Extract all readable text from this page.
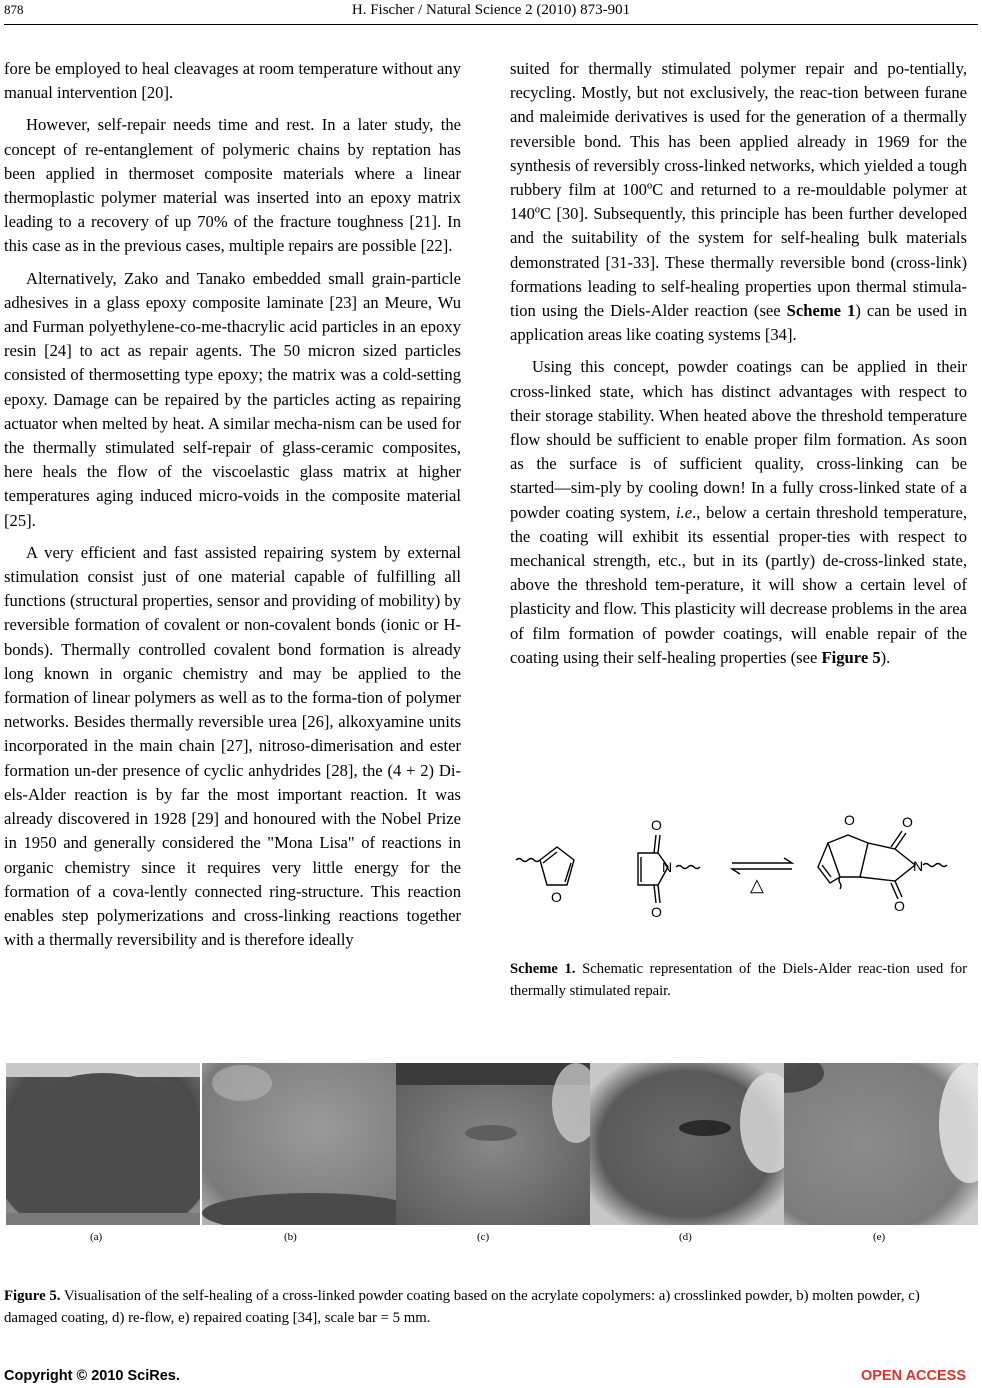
878	H. Fischer / Natural Science 2 (2010) 873-901

fore be employed to heal cleavages at room temperature without any manual intervention [20].

However, self-repair needs time and rest. In a later study, the concept of re-entanglement of polymeric chains by reptation has been applied in thermoset composite materials where a linear thermoplastic polymer material was inserted into an epoxy matrix leading to a recovery of up 70% of the fracture toughness [21]. In this case as in the previous cases, multiple repairs are possible [22].

Alternatively, Zako and Tanako embedded small grain-particle adhesives in a glass epoxy composite laminate [23] an Meure, Wu and Furman polyethylene-co-me-thacrylic acid particles in an epoxy resin [24] to act as repair agents. The 50 micron sized particles consisted of thermosetting type epoxy; the matrix was a cold-setting epoxy. Damage can be repaired by the particles acting as repairing actuator when melted by heat. A similar mecha-nism can be used for the thermally stimulated self-repair of glass-ceramic composites, here heals the flow of the viscoelastic glass matrix at higher temperatures aging induced micro-voids in the composite material [25].

A very efficient and fast assisted repairing system by external stimulation consist just of one material capable of fulfilling all functions (structural properties, sensor and providing of mobility) by reversible formation of covalent or non-covalent bonds (ionic or H-bonds). Thermally controlled covalent bond formation is already long known in organic chemistry and may be applied to the formation of linear polymers as well as to the forma-tion of polymer networks. Besides thermally reversible urea [26], alkoxyamine units incorporated in the main chain [27], nitroso-dimerisation and ester formation un-der presence of cyclic anhydrides [28], the (4 + 2) Di-els-Alder reaction is by far the most important reaction. It was already discovered in 1928 [29] and honoured with the Nobel Prize in 1950 and generally considered the "Mona Lisa" of reactions in organic chemistry since it requires very little energy for the formation of a cova-lently connected ring-structure. This reaction enables step polymerizations and cross-linking reactions together with a thermally reversibility and is therefore ideally

suited for thermally stimulated polymer repair and po-tentially, recycling. Mostly, but not exclusively, the reac-tion between furane and maleimide derivatives is used for the generation of a thermally reversible bond. This has been applied already in 1969 for the synthesis of reversibly cross-linked networks, which yielded a tough rubbery film at 100ºC and returned to a re-mouldable polymer at 140ºC [30]. Subsequently, this principle has been further developed and the suitability of the system for self-healing bulk materials demonstrated [31-33]. These thermally reversible bond (cross-link) formations leading to self-healing properties upon thermal stimula-tion using the Diels-Alder reaction (see Scheme 1) can be used in application areas like coating systems [34].

Using this concept, powder coatings can be applied in their cross-linked state, which has distinct advantages with respect to their storage stability. When heated above the threshold temperature flow should be sufficient to enable proper film formation. As soon as the surface is of sufficient quality, cross-linking can be started―sim-ply by cooling down! In a fully cross-linked state of a powder coating system, i.e., below a certain threshold temperature, the coating will exhibit its essential proper-ties with respect to mechanical strength, etc., but in its (partly) de-cross-linked state, above the threshold tem-perature, it will show a certain level of plasticity and flow. This plasticity will decrease problems in the area of film formation of powder coatings, will enable repair of the coating using their self-healing properties (see Figure 5).

O
O
O
N
O	O
O
N
△
Scheme 1. Schematic representation of the Diels-Alder reac-tion used for thermally stimulated repair.
(a)	(b)	(c)	(d)	(e)
Figure 5. Visualisation of the self-healing of a cross-linked powder coating based on the acrylate copolymers: a) crosslinked powder, b) molten powder, c) damaged coating, d) re-flow, e) repaired coating [34], scale bar = 5 mm.
Copyright © 2010 SciRes.	OPEN ACCESS
